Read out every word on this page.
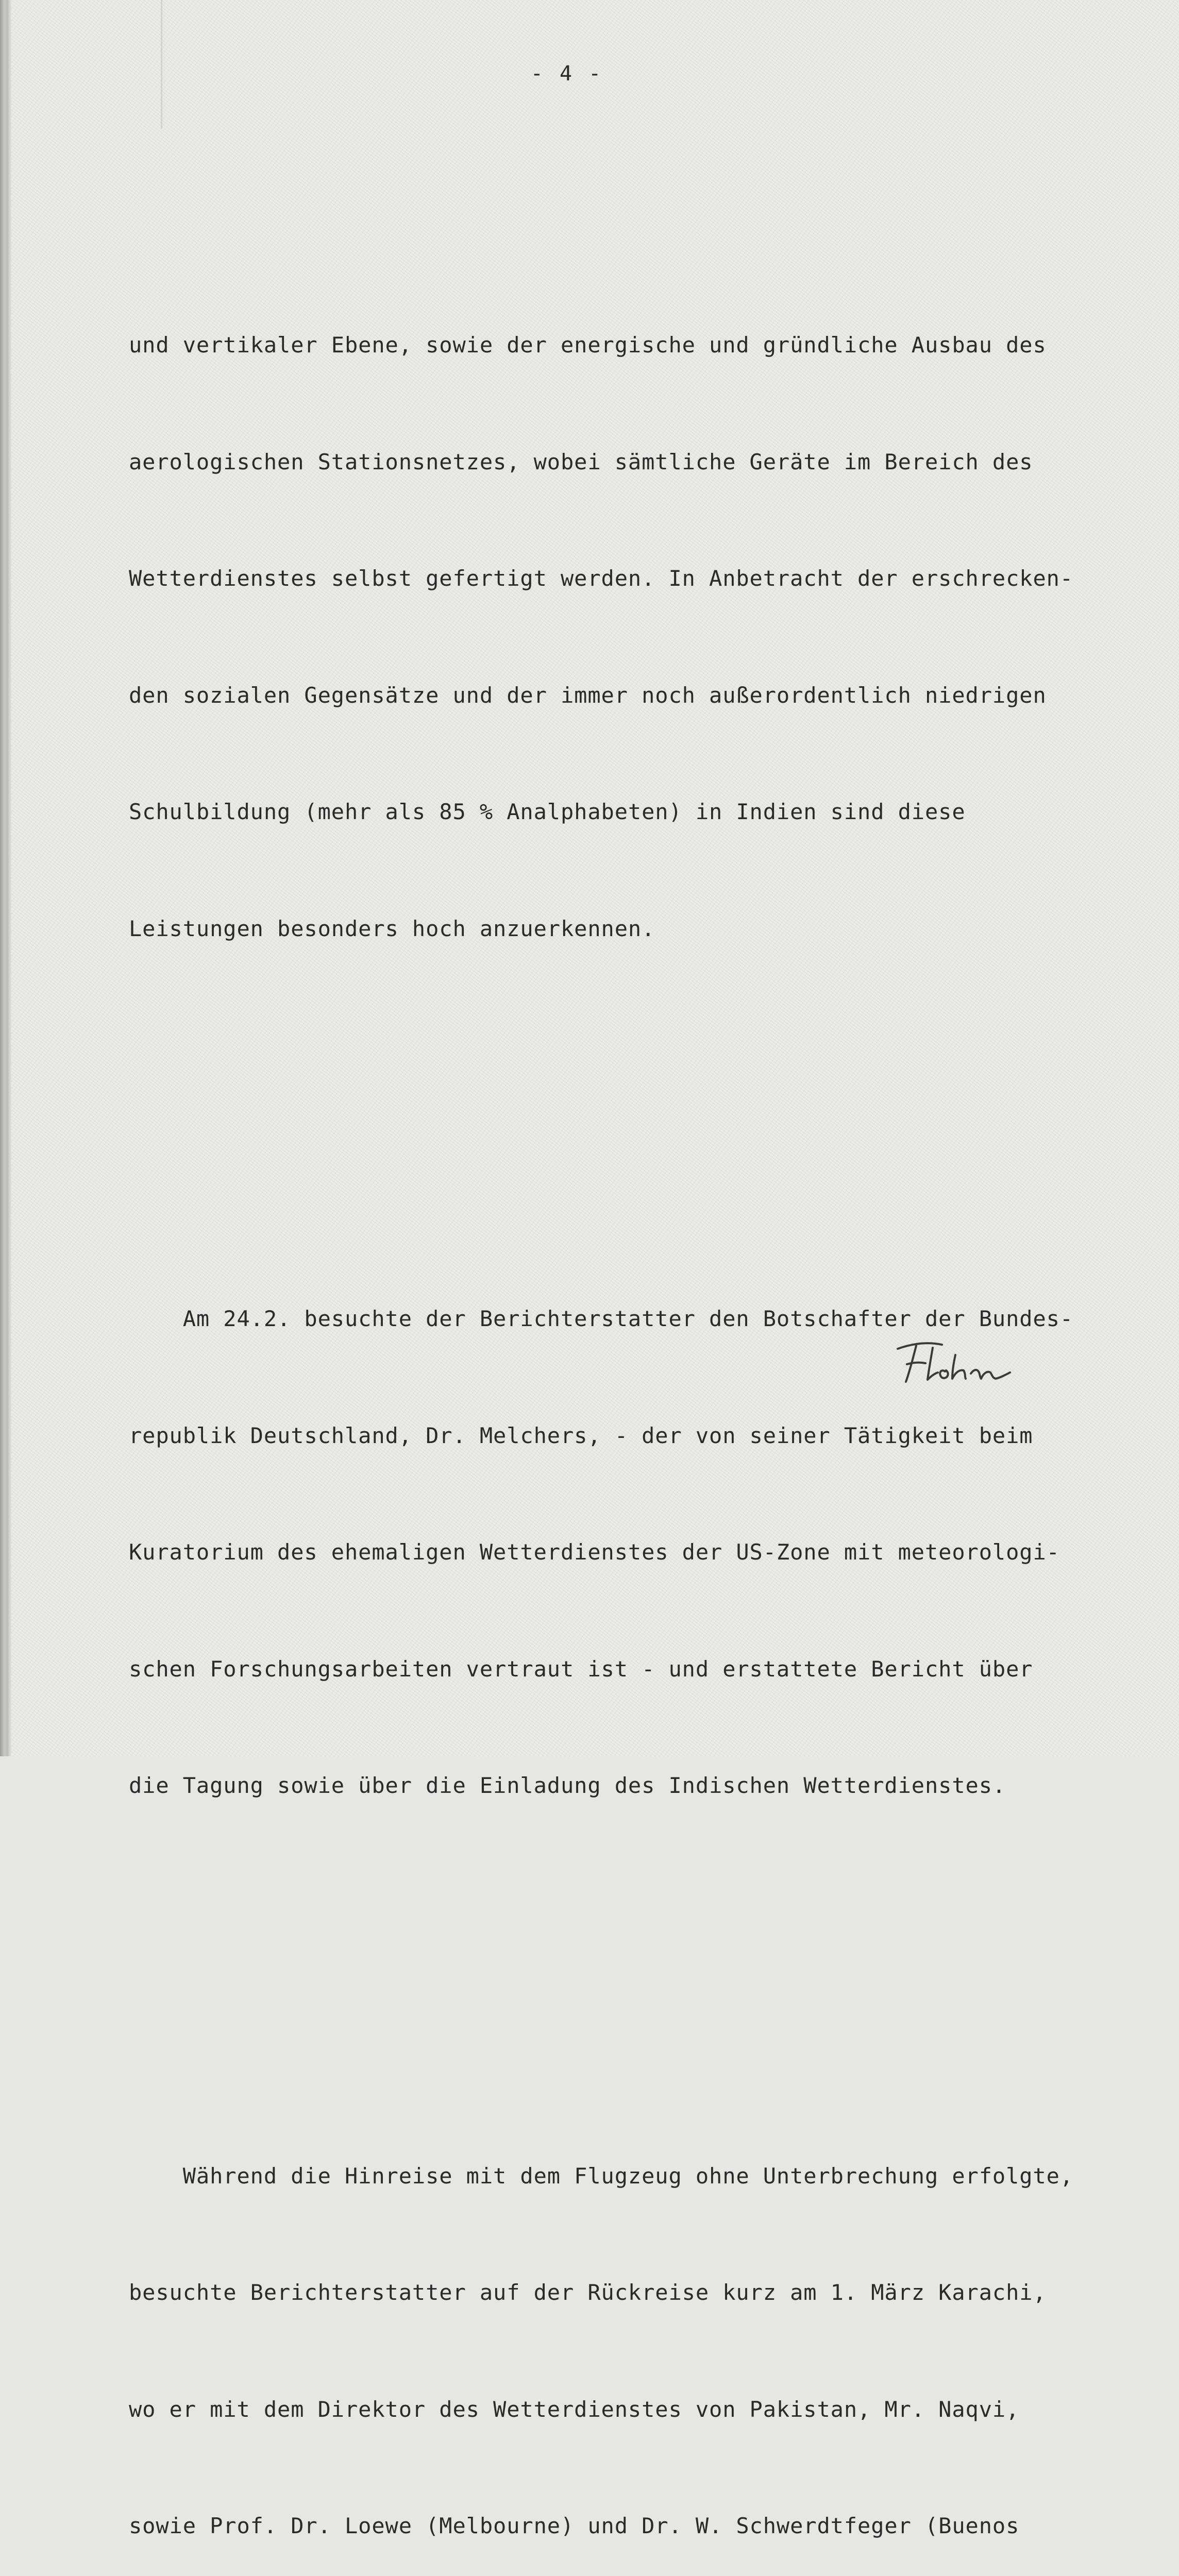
- 4 -

und vertikaler Ebene, sowie der energische und gründliche Ausbau des

aerologischen Stationsnetzes, wobei sämtliche Geräte im Bereich des

Wetterdienstes selbst gefertigt werden. In Anbetracht der erschrecken-

den sozialen Gegensätze und der immer noch außerordentlich niedrigen

Schulbildung (mehr als 85 % Analphabeten) in Indien sind diese

Leistungen besonders hoch anzuerkennen.

Am 24.2. besuchte der Berichterstatter den Botschafter der Bundes-

republik Deutschland, Dr. Melchers, - der von seiner Tätigkeit beim

Kuratorium des ehemaligen Wetterdienstes der US-Zone mit meteorologi-

schen Forschungsarbeiten vertraut ist - und erstattete Bericht über

die Tagung sowie über die Einladung des Indischen Wetterdienstes.

Während die Hinreise mit dem Flugzeug ohne Unterbrechung erfolgte,

besuchte Berichterstatter auf der Rückreise kurz am 1. März Karachi,

wo er mit dem Direktor des Wetterdienstes von Pakistan, Mr. Naqvi,

sowie Prof. Dr. Loewe (Melbourne) und Dr. W. Schwerdtfeger (Buenos
